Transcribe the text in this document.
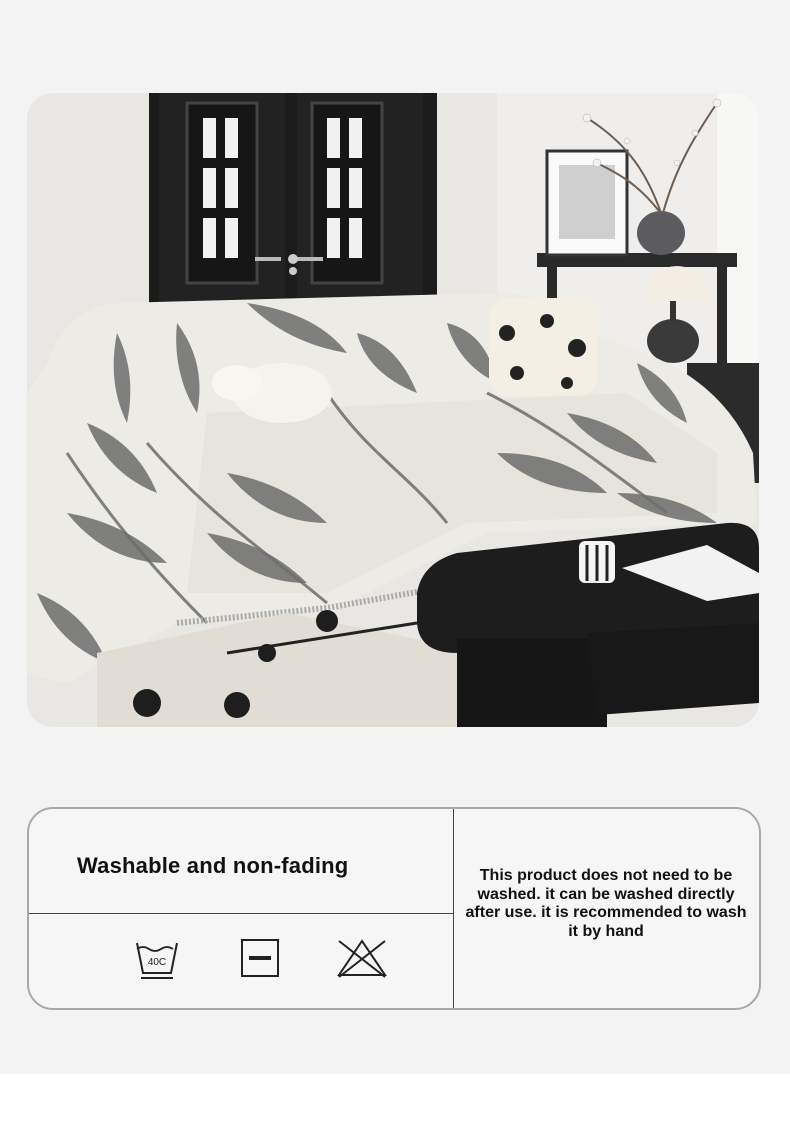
Washable and non-fading
40C
This product does not need to be washed. it can be washed directly after use. it is recommended to wash it by hand
